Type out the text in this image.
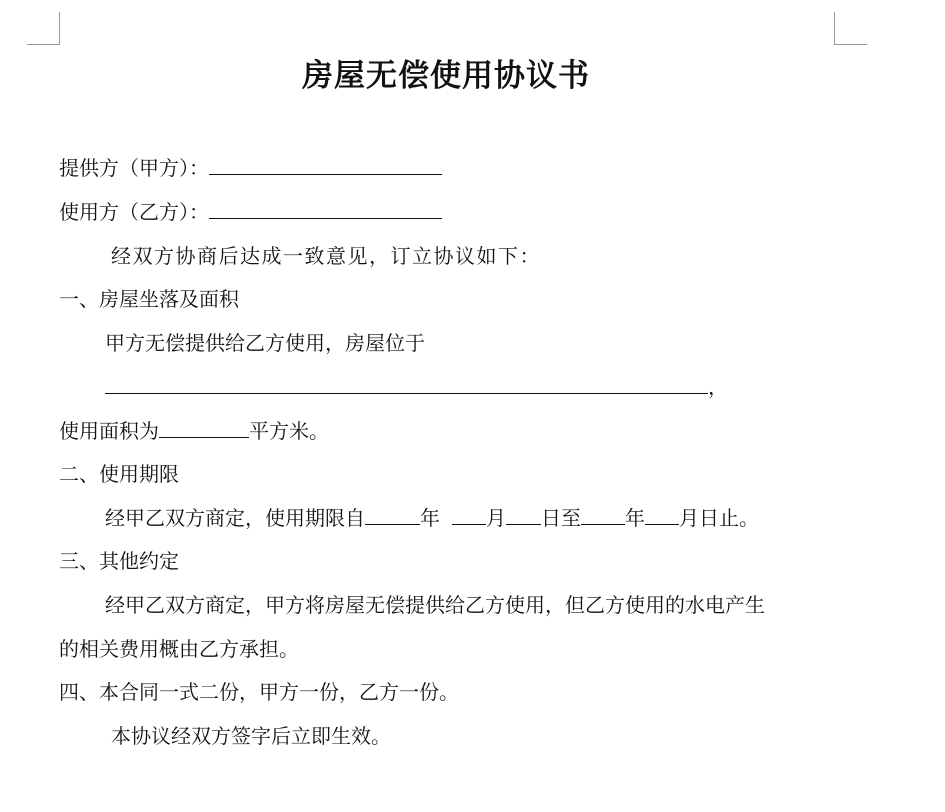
房屋无偿使用协议书
提供方（甲方）：
使用方（乙方）：
经双方协商后达成一致意见，订立协议如下：
一、房屋坐落及面积
甲方无偿提供给乙方使用，房屋位于
，
使用面积为	平方米。
二、使用期限
经甲乙双方商定，使用期限自	年 月 日至 年 月日止。
三、其他约定
经甲乙双方商定，甲方将房屋无偿提供给乙方使用，但乙方使用的水电产生
的相关费用概由乙方承担。
四、本合同一式二份，甲方一份，乙方一份。
本协议经双方签字后立即生效。
